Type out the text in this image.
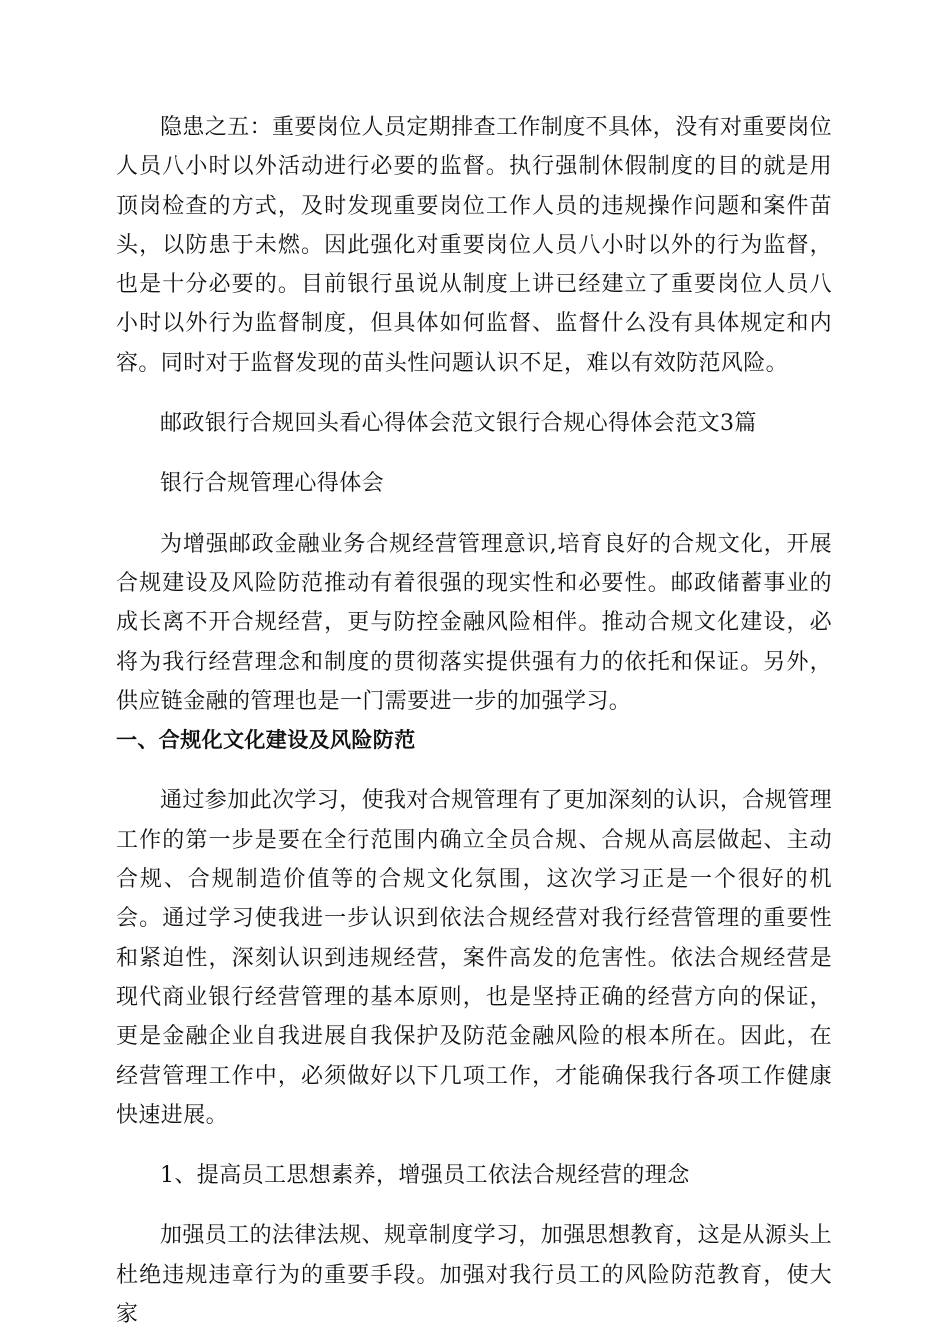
隐患之五：重要岗位人员定期排查工作制度不具体，没有对重要岗位人员八小时以外活动进行必要的监督。执行强制休假制度的目的就是用顶岗检查的方式，及时发现重要岗位工作人员的违规操作问题和案件苗头，以防患于未燃。因此强化对重要岗位人员八小时以外的行为监督，也是十分必要的。目前银行虽说从制度上讲已经建立了重要岗位人员八小时以外行为监督制度，但具体如何监督、监督什么没有具体规定和内容。同时对于监督发现的苗头性问题认识不足，难以有效防范风险。

邮政银行合规回头看心得体会范文银行合规心得体会范文3篇

银行合规管理心得体会

为增强邮政金融业务合规经营管理意识,培育良好的合规文化，开展合规建设及风险防范推动有着很强的现实性和必要性。邮政储蓄事业的成长离不开合规经营，更与防控金融风险相伴。推动合规文化建设，必将为我行经营理念和制度的贯彻落实提供强有力的依托和保证。另外，供应链金融的管理也是一门需要进一步的加强学习。

一、合规化文化建设及风险防范

通过参加此次学习，使我对合规管理有了更加深刻的认识，合规管理工作的第一步是要在全行范围内确立全员合规、合规从高层做起、主动合规、合规制造价值等的合规文化氛围，这次学习正是一个很好的机会。通过学习使我进一步认识到依法合规经营对我行经营管理的重要性和紧迫性，深刻认识到违规经营，案件高发的危害性。依法合规经营是现代商业银行经营管理的基本原则，也是坚持正确的经营方向的保证，更是金融企业自我进展自我保护及防范金融风险的根本所在。因此，在经营管理工作中，必须做好以下几项工作，才能确保我行各项工作健康快速进展。

1、提高员工思想素养，增强员工依法合规经营的理念

加强员工的法律法规、规章制度学习，加强思想教育，这是从源头上杜绝违规违章行为的重要手段。加强对我行员工的风险防范教育，使大家
